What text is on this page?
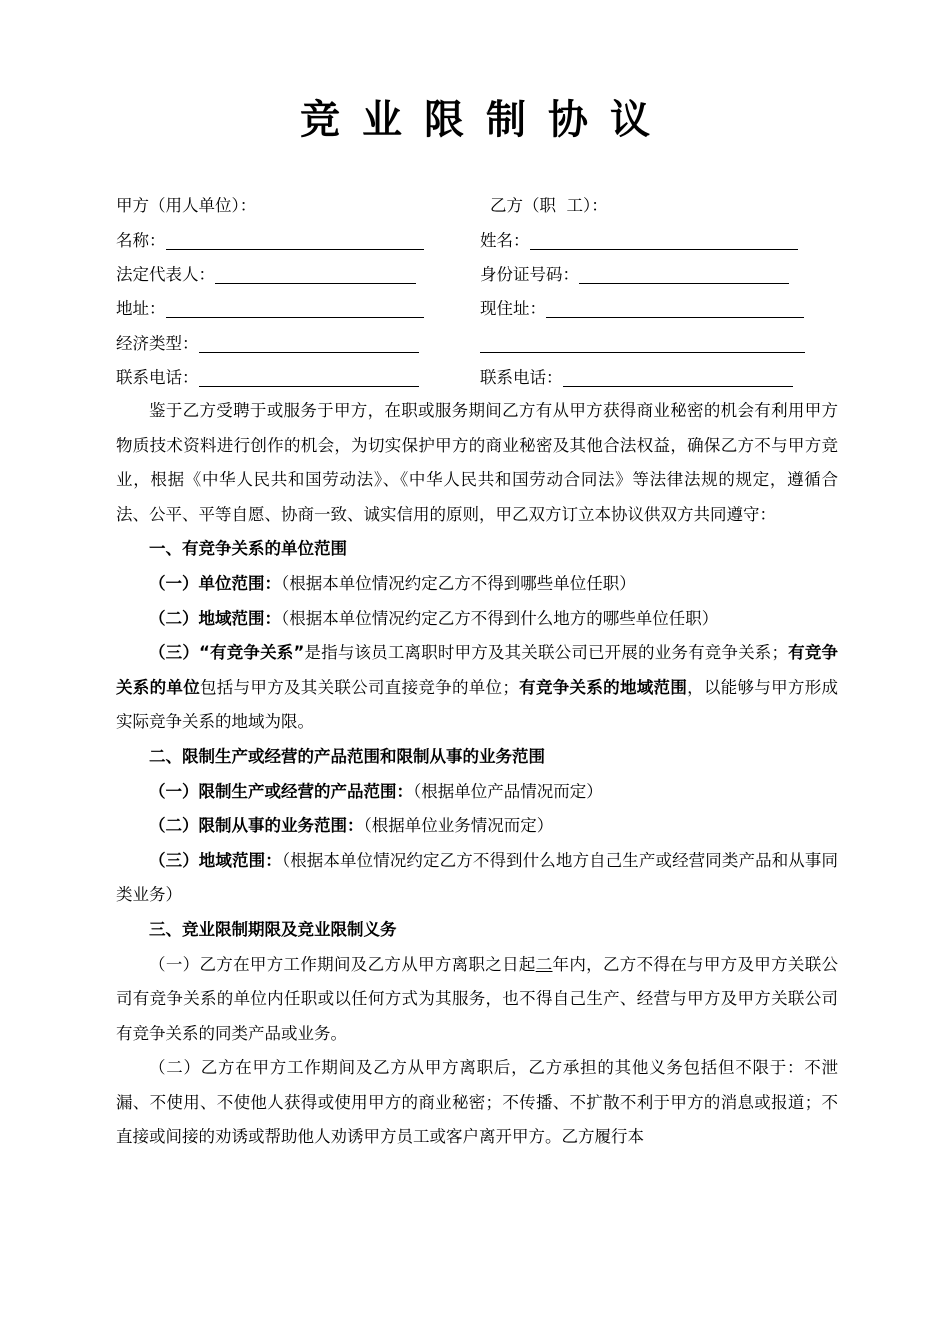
竞业限制协议
甲方（用人单位）：
名称：
法定代表人：
地址：
经济类型：
联系电话：
乙方（职  工）：
姓名：
身份证号码：
现住址：
联系电话：

鉴于乙方受聘于或服务于甲方，在职或服务期间乙方有从甲方获得商业秘密的机会有利用甲方物质技术资料进行创作的机会，为切实保护甲方的商业秘密及其他合法权益，确保乙方不与甲方竞业，根据《中华人民共和国劳动法》、《中华人民共和国劳动合同法》等法律法规的规定，遵循合法、公平、平等自愿、协商一致、诚实信用的原则，甲乙双方订立本协议供双方共同遵守：

一、有竞争关系的单位范围

（一）单位范围：（根据本单位情况约定乙方不得到哪些单位任职）

（二）地域范围：（根据本单位情况约定乙方不得到什么地方的哪些单位任职）

（三）“有竞争关系”是指与该员工离职时甲方及其关联公司已开展的业务有竞争关系；有竞争关系的单位包括与甲方及其关联公司直接竞争的单位；有竞争关系的地域范围，以能够与甲方形成实际竞争关系的地域为限。

二、限制生产或经营的产品范围和限制从事的业务范围

（一）限制生产或经营的产品范围：（根据单位产品情况而定）

（二）限制从事的业务范围：（根据单位业务情况而定）

（三）地域范围：（根据本单位情况约定乙方不得到什么地方自己生产或经营同类产品和从事同类业务）

三、竞业限制期限及竞业限制义务

（一）乙方在甲方工作期间及乙方从甲方离职之日起二年内，乙方不得在与甲方及甲方关联公司有竞争关系的单位内任职或以任何方式为其服务，也不得自己生产、经营与甲方及甲方关联公司有竞争关系的同类产品或业务。

（二）乙方在甲方工作期间及乙方从甲方离职后，乙方承担的其他义务包括但不限于：不泄漏、不使用、不使他人获得或使用甲方的商业秘密；不传播、不扩散不利于甲方的消息或报道；不直接或间接的劝诱或帮助他人劝诱甲方员工或客户离开甲方。乙方履行本
